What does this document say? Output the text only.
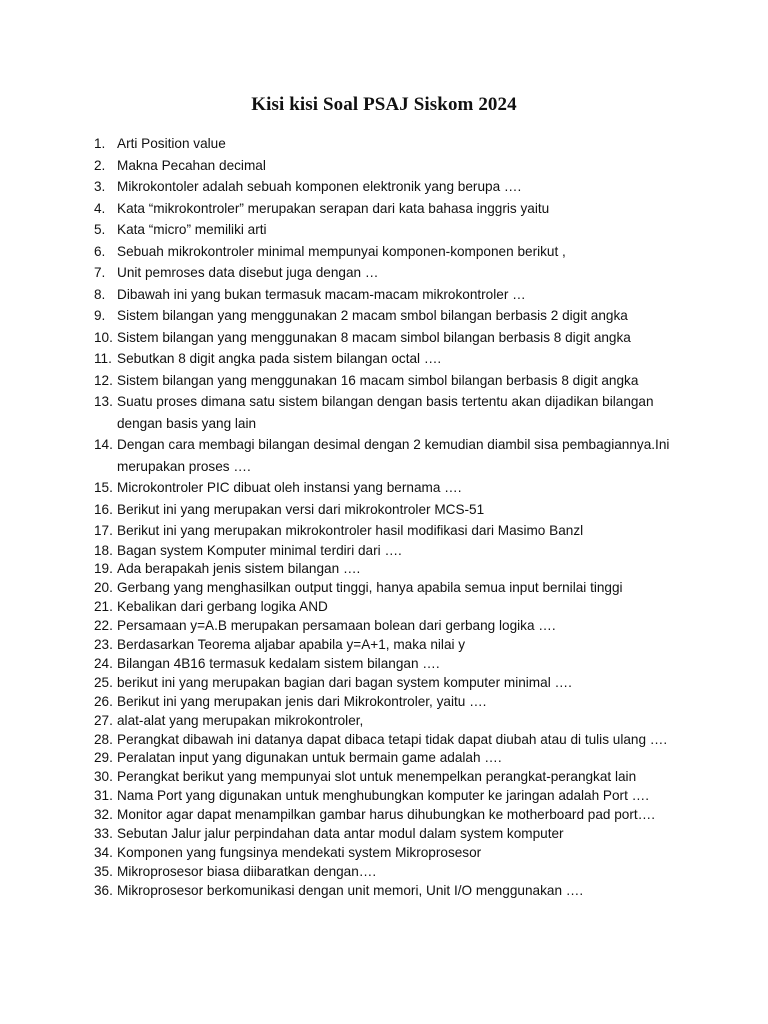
Kisi kisi Soal PSAJ Siskom 2024
1. Arti Position value
2. Makna Pecahan decimal
3. Mikrokontoler adalah sebuah komponen elektronik yang berupa ….
4. Kata “mikrokontroler” merupakan serapan dari kata bahasa inggris yaitu
5. Kata “micro” memiliki arti
6. Sebuah mikrokontroler minimal mempunyai komponen-komponen berikut ,
7. Unit pemroses data disebut juga dengan …
8. Dibawah ini yang bukan termasuk macam-macam mikrokontroler …
9. Sistem bilangan yang menggunakan 2 macam smbol bilangan berbasis 2 digit angka
10. Sistem bilangan yang menggunakan 8 macam simbol bilangan berbasis 8 digit angka
11. Sebutkan 8 digit angka pada sistem bilangan octal ….
12. Sistem bilangan yang menggunakan 16 macam simbol bilangan berbasis 8 digit angka
13. Suatu proses dimana satu sistem bilangan dengan basis tertentu akan dijadikan bilangan dengan basis yang lain
14. Dengan cara membagi bilangan desimal dengan 2 kemudian diambil sisa pembagiannya.Ini merupakan proses ….
15. Microkontroler PIC dibuat oleh instansi yang bernama ….
16. Berikut ini yang merupakan versi dari mikrokontroler MCS-51
17. Berikut ini yang merupakan mikrokontroler hasil modifikasi dari Masimo Banzl
18. Bagan system Komputer minimal terdiri dari ….
19. Ada berapakah jenis sistem bilangan ….
20. Gerbang yang menghasilkan output tinggi, hanya apabila semua input bernilai tinggi
21. Kebalikan dari gerbang logika AND
22. Persamaan y=A.B merupakan persamaan bolean dari gerbang logika ….
23. Berdasarkan Teorema aljabar apabila y=A+1, maka nilai y
24. Bilangan 4B16 termasuk kedalam sistem bilangan ….
25. berikut ini yang merupakan bagian dari bagan system komputer minimal ….
26. Berikut ini yang merupakan jenis dari Mikrokontroler, yaitu ….
27. alat-alat yang merupakan mikrokontroler,
28. Perangkat dibawah ini datanya dapat dibaca tetapi tidak dapat diubah atau di tulis ulang ….
29. Peralatan input yang digunakan untuk bermain game adalah ….
30. Perangkat berikut yang mempunyai slot untuk menempelkan perangkat-perangkat lain
31. Nama Port yang digunakan untuk menghubungkan komputer ke jaringan adalah Port ….
32. Monitor agar dapat menampilkan gambar harus dihubungkan ke motherboard pad port….
33. Sebutan Jalur jalur perpindahan data antar modul dalam system komputer
34. Komponen yang fungsinya mendekati system Mikroprosesor
35. Mikroprosesor biasa diibaratkan dengan….
36. Mikroprosesor berkomunikasi dengan unit memori, Unit I/O menggunakan ….
